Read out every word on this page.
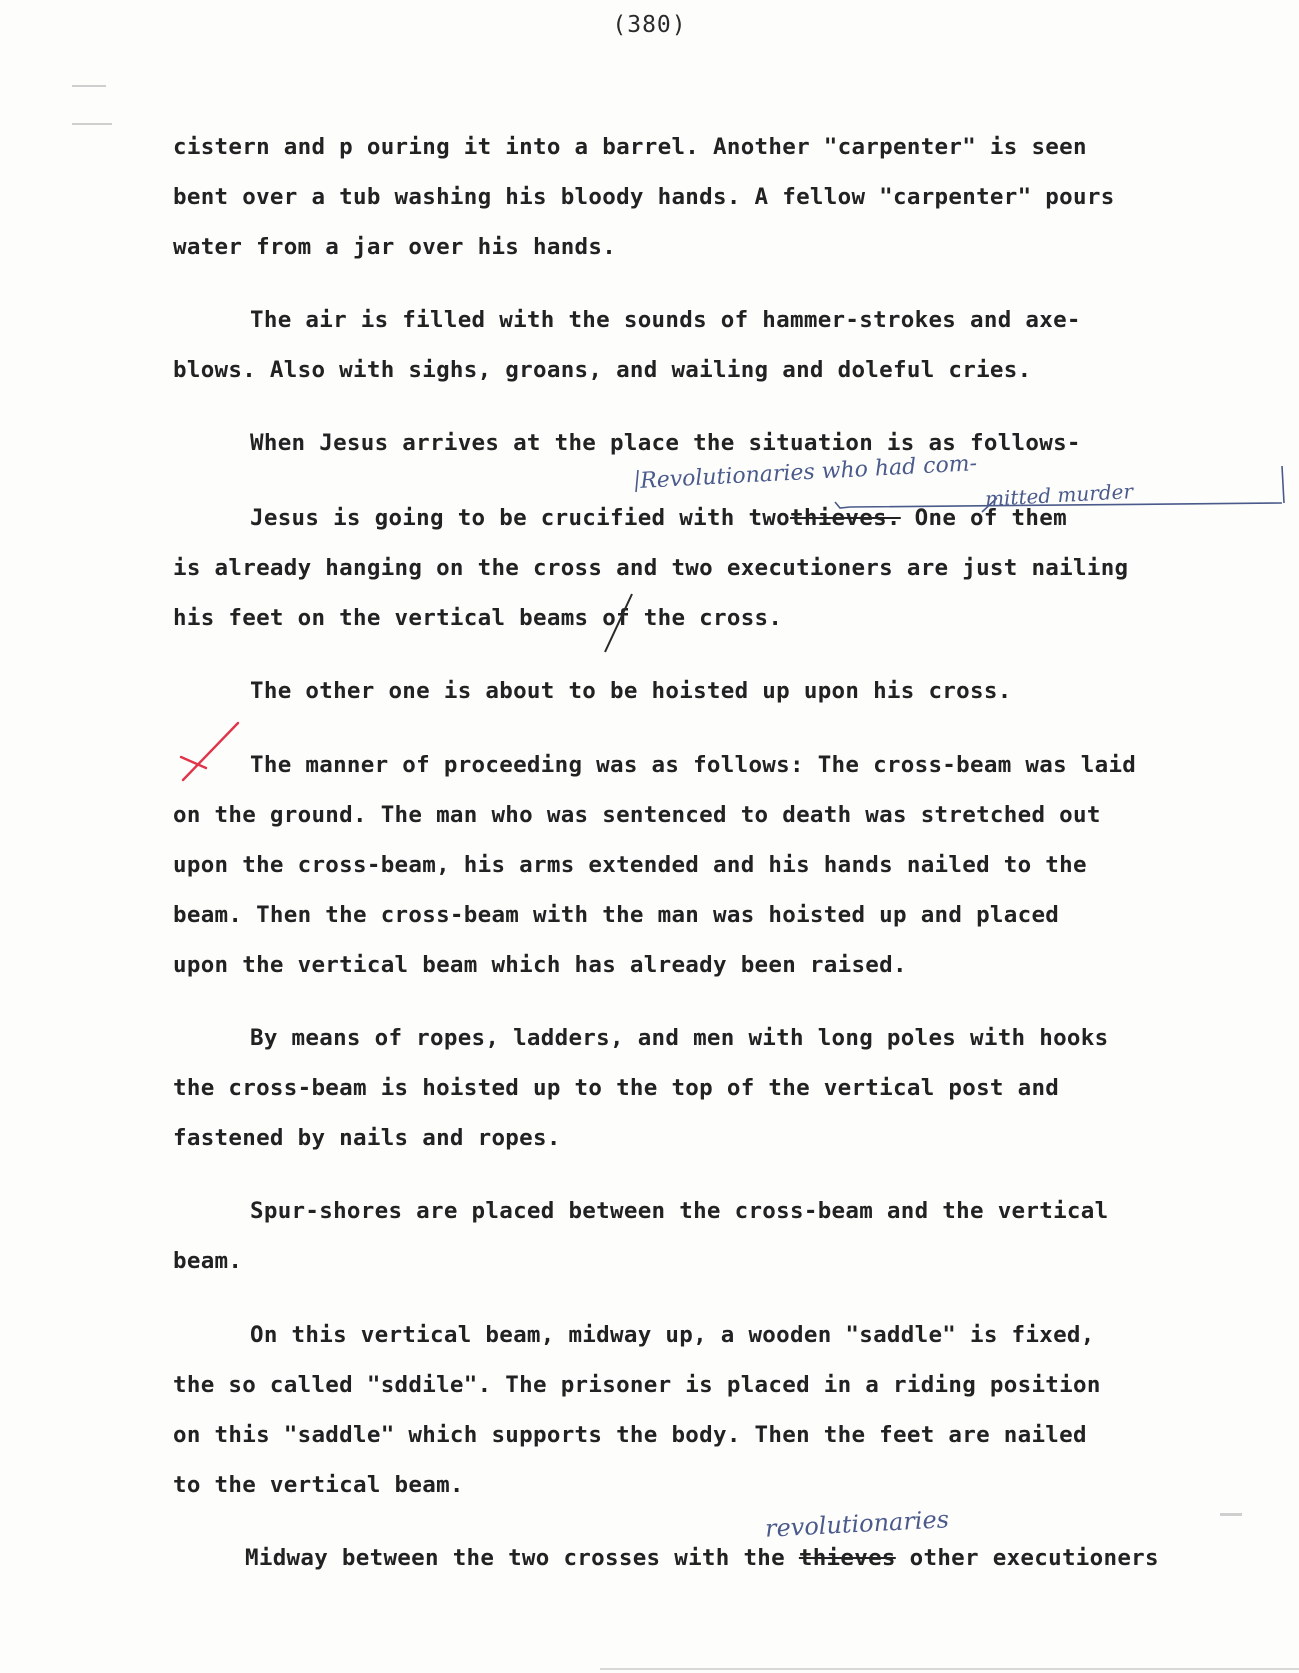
(380)
cistern and p ouring it into a barrel. Another "carpenter" is seen
bent over a tub washing his bloody hands. A fellow "carpenter" pours
water from a jar over his hands.
The air is filled with the sounds of hammer-strokes and axe-
blows. Also with sighs, groans, and wailing and doleful cries.
When Jesus arrives at the place the situation is as follows-
Revolutionaries who had com-
mitted murder
Jesus is going to be crucified with twothieves. One of them
is already hanging on the cross and two executioners are just nailing
his feet on the vertical beams of the cross.
The other one is about to be hoisted up upon his cross.
The manner of proceeding was as follows: The cross-beam was laid
on the ground. The man who was sentenced to death was stretched out
upon the cross-beam, his arms extended and his hands nailed to the
beam. Then the cross-beam with the man was hoisted up and placed
upon the vertical beam which has already been raised.
By means of ropes, ladders, and men with long poles with hooks
the cross-beam is hoisted up to the top of the vertical post and
fastened by nails and ropes.
Spur-shores are placed between the cross-beam and the vertical
beam.
On this vertical beam, midway up, a wooden "saddle" is fixed,
the so called "sddile". The prisoner is placed in a riding position
on this "saddle" which supports the body. Then the feet are nailed
to the vertical beam.
revolutionaries
Midway between the two crosses with the thieves other executioners
